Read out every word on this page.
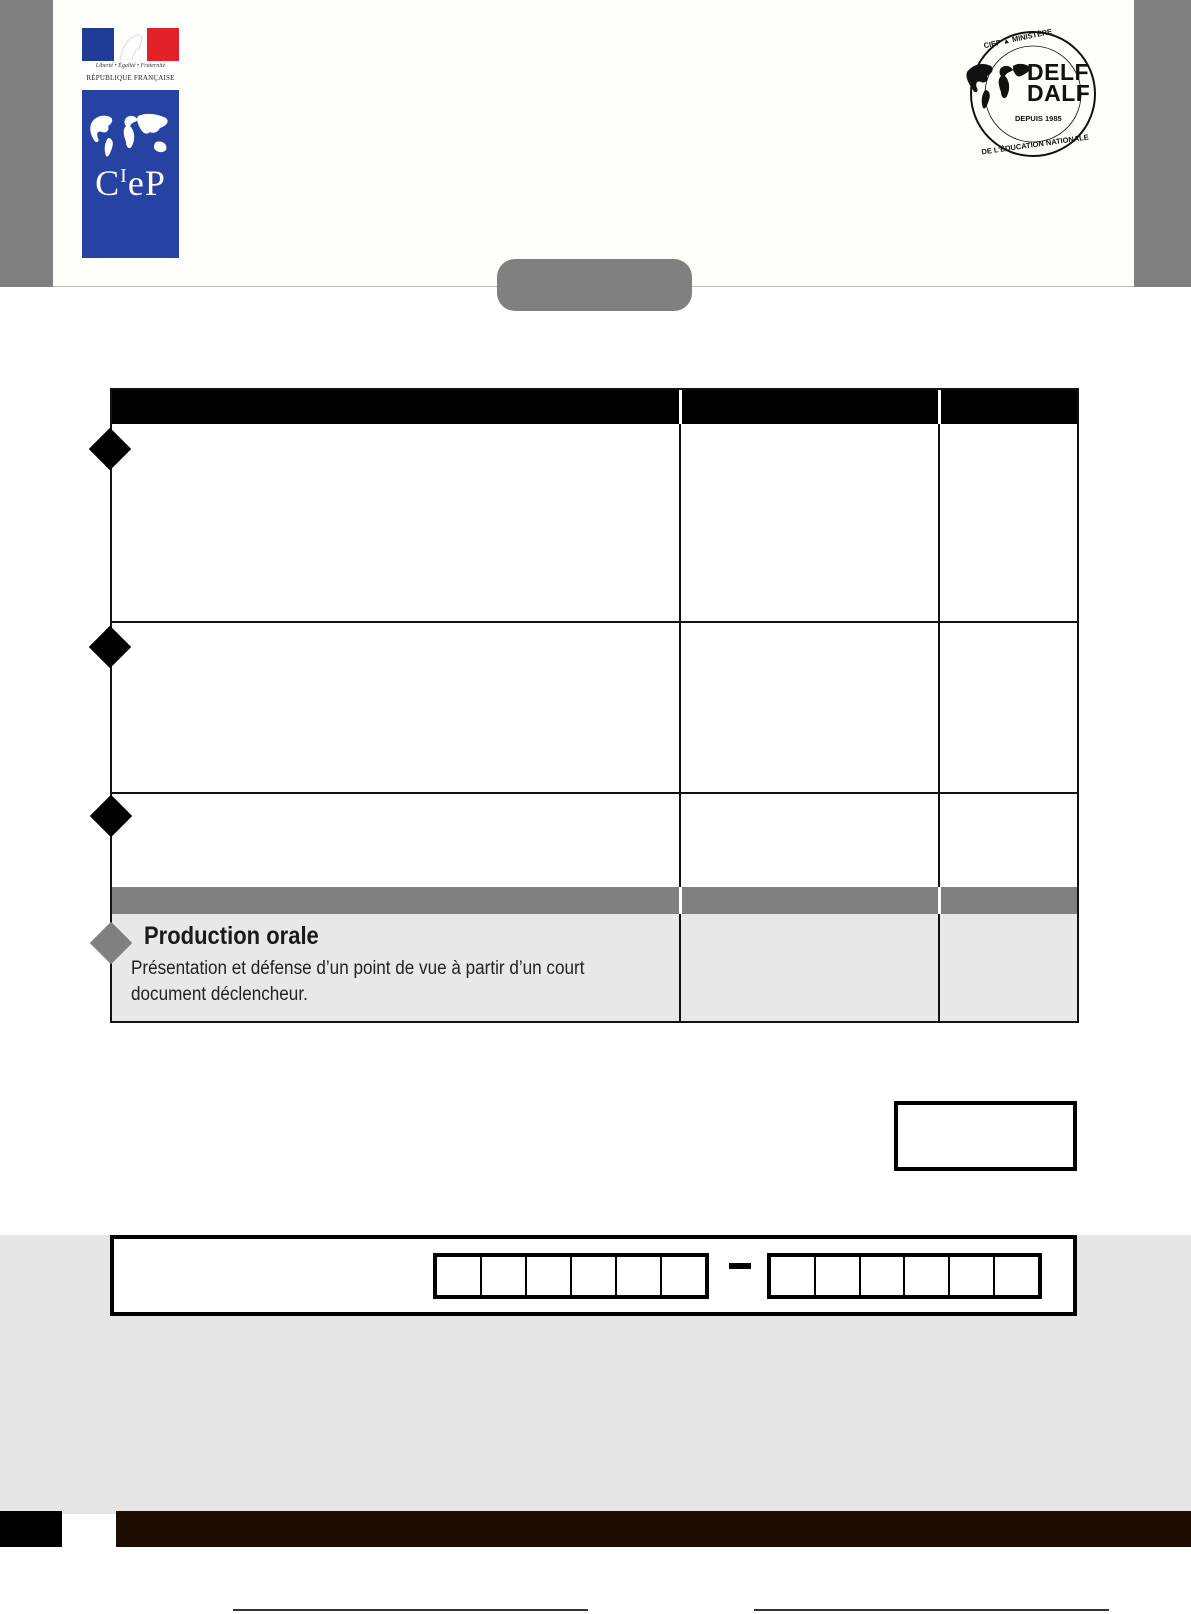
Liberté • Égalité • Fraternité
RÉPUBLIQUE FRANÇAISE
$C^IeP$
DELF
DALF
DEPUIS 1985
CIEP ▲ MINISTÈRE
DE L'ÉDUCATION NATIONALE
Production orale
Présentation et défense d’un point de vue à partir d’un court document déclencheur.
